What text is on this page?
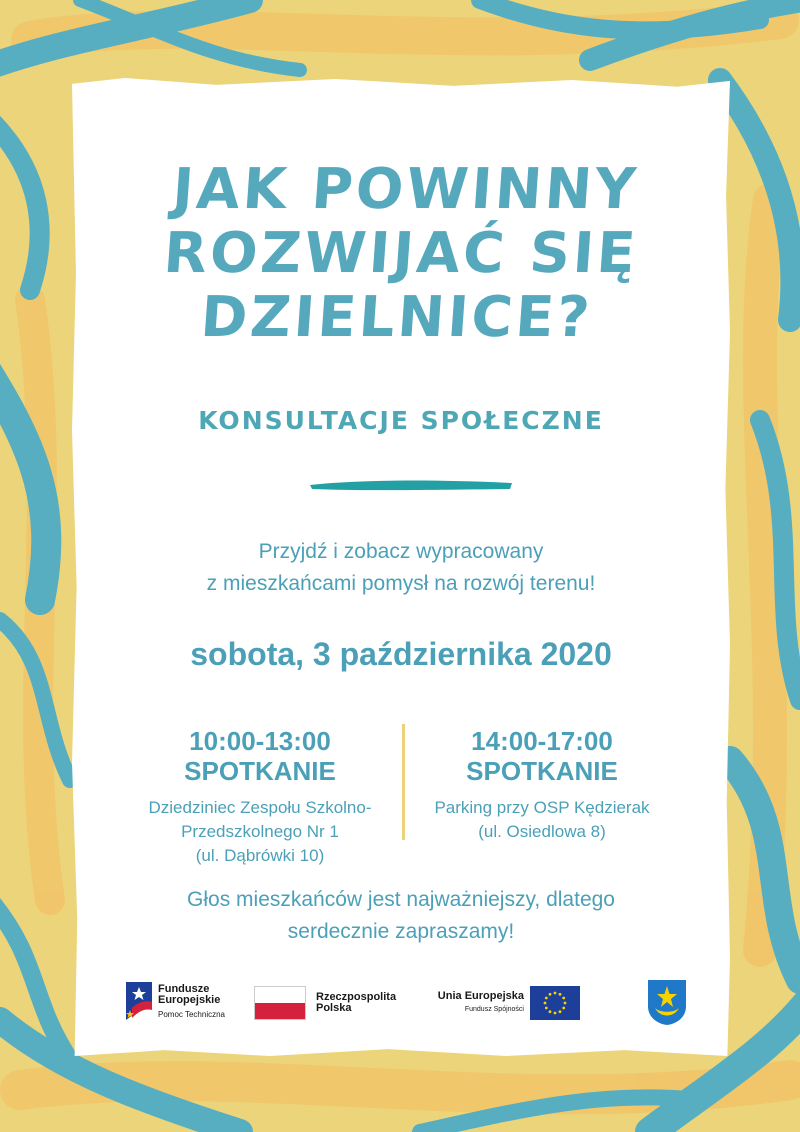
JAK POWINNY
ROZWIJAĆ SIĘ
DZIELNICE?
KONSULTACJE SPOŁECZNE
Przyjdź i zobacz wypracowany
z mieszkańcami pomysł na rozwój terenu!
sobota, 3 października 2020
10:00-13:00
SPOTKANIE
Dziedziniec Zespołu Szkolno-
Przedszkolnego Nr 1
(ul. Dąbrówki 10)
14:00-17:00
SPOTKANIE
Parking przy OSP Kędzierak
(ul. Osiedlowa 8)
Głos mieszkańców jest najważniejszy, dlatego
serdecznie zapraszamy!
Fundusze
Europejskie
Pomoc Techniczna
Rzeczpospolita
Polska
Unia Europejska
Fundusz Spójności
